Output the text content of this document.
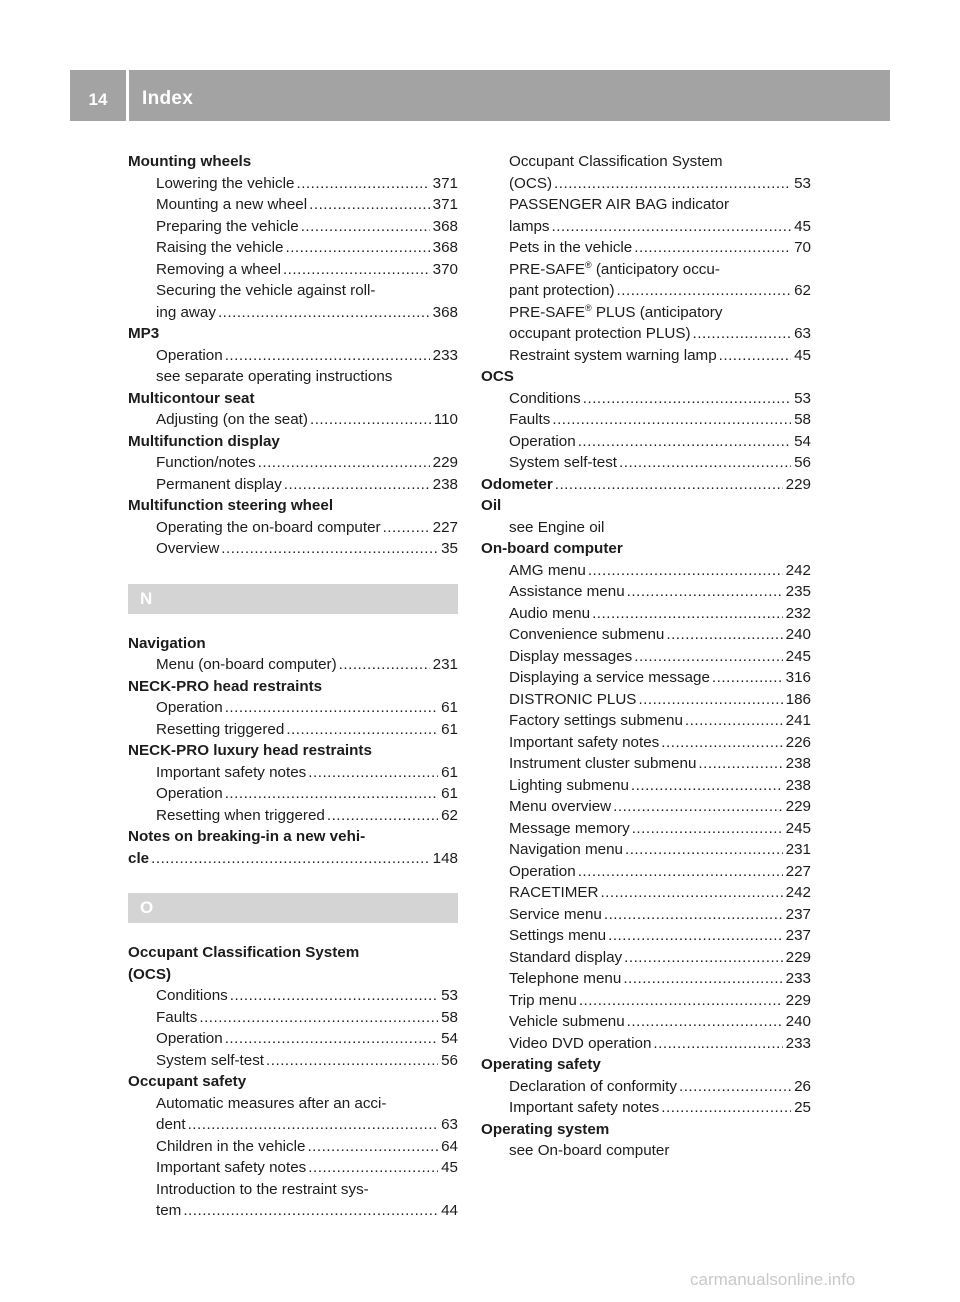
14	Index
Mounting wheels
Lowering the vehicle .....	371
Mounting a new wheel .....	371
Preparing the vehicle .....	368
Raising the vehicle .....	368
Removing a wheel .....	370
Securing the vehicle against roll-
ing away .....	368
MP3
Operation .....	233
see separate operating instructions
Multicontour seat
Adjusting (on the seat) .....	110
Multifunction display
Function/notes .....	229
Permanent display .....	238
Multifunction steering wheel
Operating the on-board computer .....	227
Overview .....	35
N
Navigation
Menu (on-board computer) .....	231
NECK-PRO head restraints
Operation .....	61
Resetting triggered .....	61
NECK-PRO luxury head restraints
Important safety notes .....	61
Operation .....	61
Resetting when triggered .....	62
Notes on breaking-in a new vehi-
cle .....	148
O
Occupant Classification System
(OCS)
Conditions .....	53
Faults .....	58
Operation .....	54
System self-test .....	56
Occupant safety
Automatic measures after an acci-
dent .....	63
Children in the vehicle .....	64
Important safety notes .....	45
Introduction to the restraint sys-
tem .....	44
Occupant Classification System
(OCS) .....	53
PASSENGER AIR BAG indicator
lamps .....	45
Pets in the vehicle .....	70
PRE-SAFE® (anticipatory occu-
pant protection) .....	62
PRE-SAFE® PLUS (anticipatory
occupant protection PLUS) .....	63
Restraint system warning lamp .....	45
OCS
Conditions .....	53
Faults .....	58
Operation .....	54
System self-test .....	56
Odometer .....	229
Oil
see Engine oil
On-board computer
AMG menu .....	242
Assistance menu .....	235
Audio menu .....	232
Convenience submenu .....	240
Display messages .....	245
Displaying a service message .....	316
DISTRONIC PLUS .....	186
Factory settings submenu .....	241
Important safety notes .....	226
Instrument cluster submenu .....	238
Lighting submenu .....	238
Menu overview .....	229
Message memory .....	245
Navigation menu .....	231
Operation .....	227
RACETIMER .....	242
Service menu .....	237
Settings menu .....	237
Standard display .....	229
Telephone menu .....	233
Trip menu .....	229
Vehicle submenu .....	240
Video DVD operation .....	233
Operating safety
Declaration of conformity .....	26
Important safety notes .....	25
Operating system
see On-board computer
carmanualsonline.info
